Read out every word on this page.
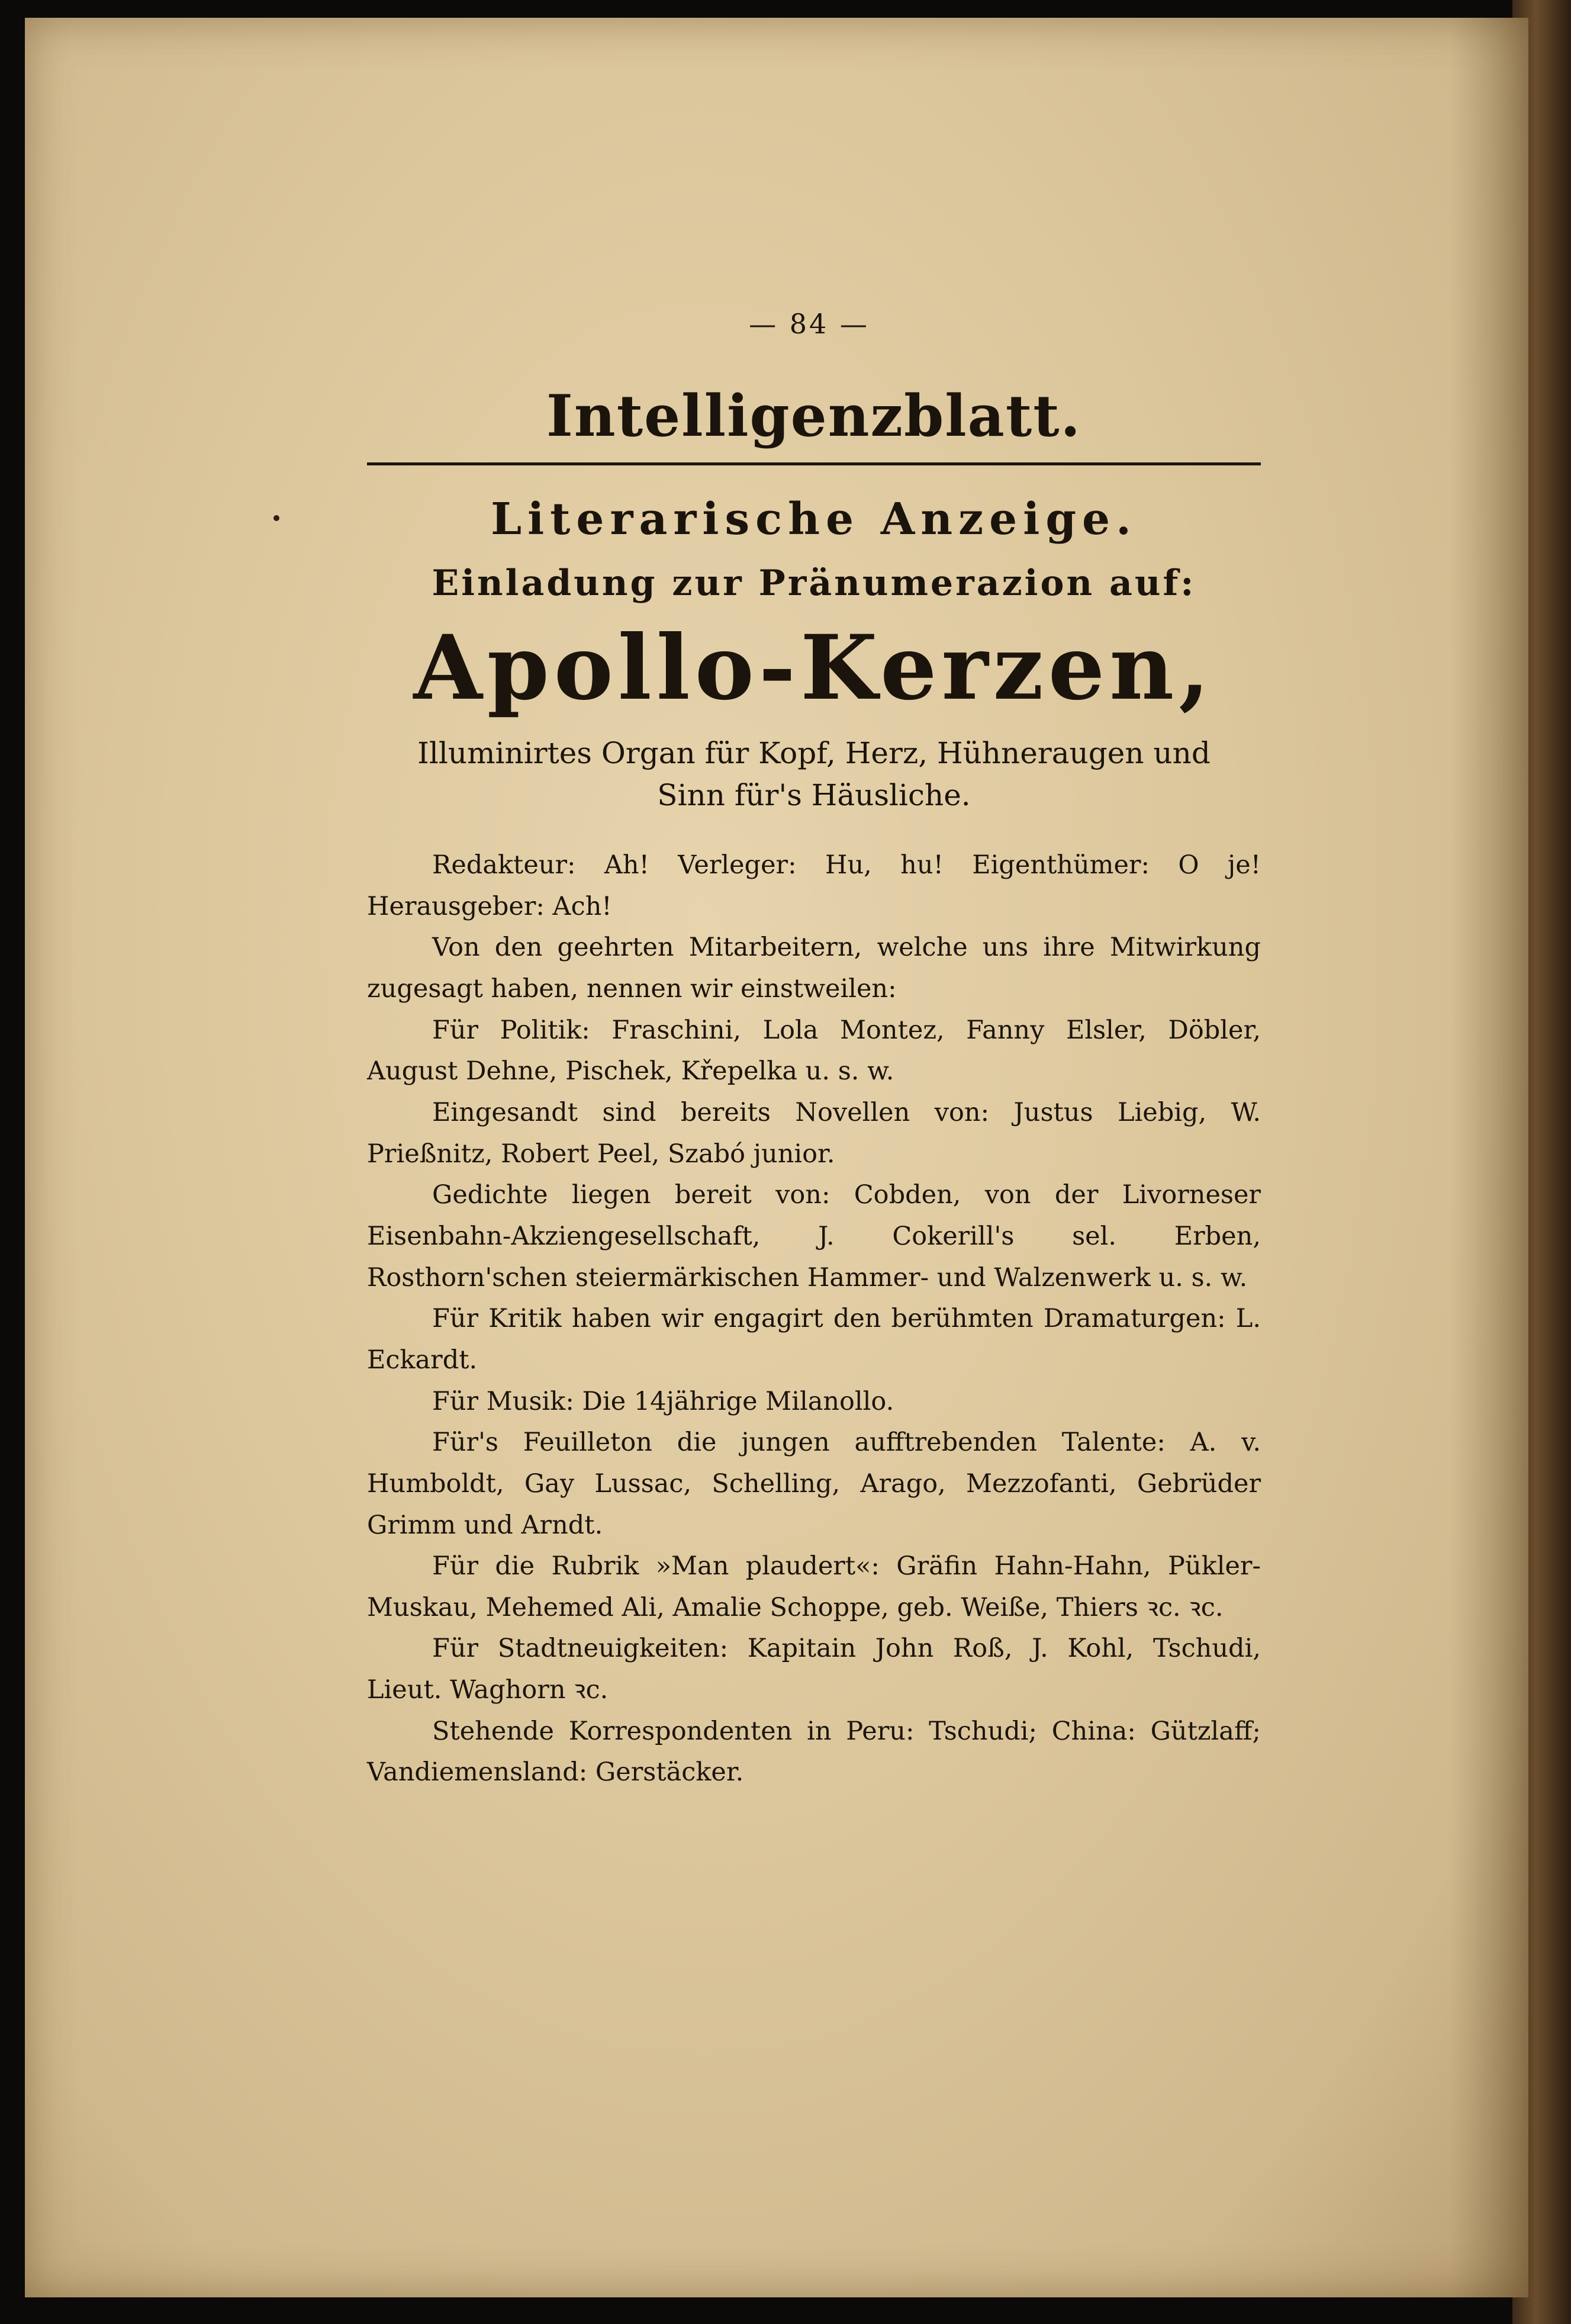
— 84 —
Intelligenzblatt.
Literarische Anzeige.
Einladung zur Pränumerazion auf:
Apollo-Kerzen,
Illuminirtes Organ für Kopf, Herz, Hühneraugen und Sinn für's Häusliche.

Redakteur: Ah! Verleger: Hu, hu! Eigenthümer: O je! Herausgeber: Ach!

Von den geehrten Mitarbeitern, welche uns ihre Mitwirkung zugesagt haben, nennen wir einstweilen:

Für Politik: Fraschini, Lola Montez, Fanny Elsler, Döbler, August Dehne, Pischek, Křepelka u. s. w.

Eingesandt sind bereits Novellen von: Justus Liebig, W. Prießnitz, Robert Peel, Szabó junior.

Gedichte liegen bereit von: Cobden, von der Livorneser Eisenbahn-Akziengesellschaft, J. Cokerill's sel. Erben, Rosthorn'schen steiermärkischen Hammer- und Walzenwerk u. s. w.

Für Kritik haben wir engagirt den berühmten Dramaturgen: L. Eckardt.

Für Musik: Die 14jährige Milanollo.

Für's Feuilleton die jungen aufftrebenden Talente: A. v. Humboldt, Gay Lussac, Schelling, Arago, Mezzofanti, Gebrüder Grimm und Arndt.

Für die Rubrik »Man plaudert«: Gräfin Hahn-Hahn, Pükler-Muskau, Mehemed Ali, Amalie Schoppe, geb. Weiße, Thiers ꝛc. ꝛc.

Für Stadtneuigkeiten: Kapitain John Roß, J. Kohl, Tschudi, Lieut. Waghorn ꝛc.

Stehende Korrespondenten in Peru: Tschudi; China: Gützlaff; Vandiemensland: Gerstäcker.
